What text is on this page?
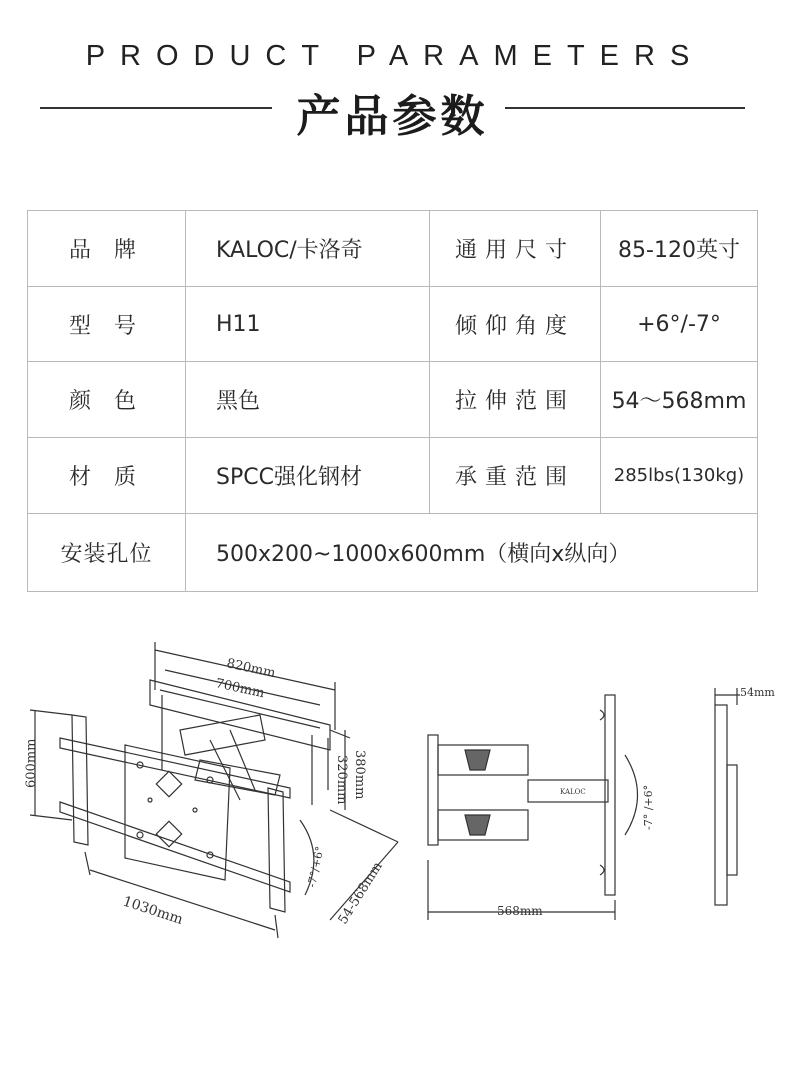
PRODUCT PARAMETERS
产品参数
品 牌	KALOC/卡洛奇	通用尺寸	85-120英寸
型 号	H11	倾仰角度	+6°/-7°
颜 色	黑色	拉伸范围	54～568mm
材 质	SPCC强化钢材	承重范围	285lbs(130kg)
安装孔位	500x200~1000x600mm（横向x纵向）		
820mm
700mm
380mm
320mm
600mm
1030mm	54-568mm
-7°/+6°
KALOC	-7° /+6°
568mm
54mm
